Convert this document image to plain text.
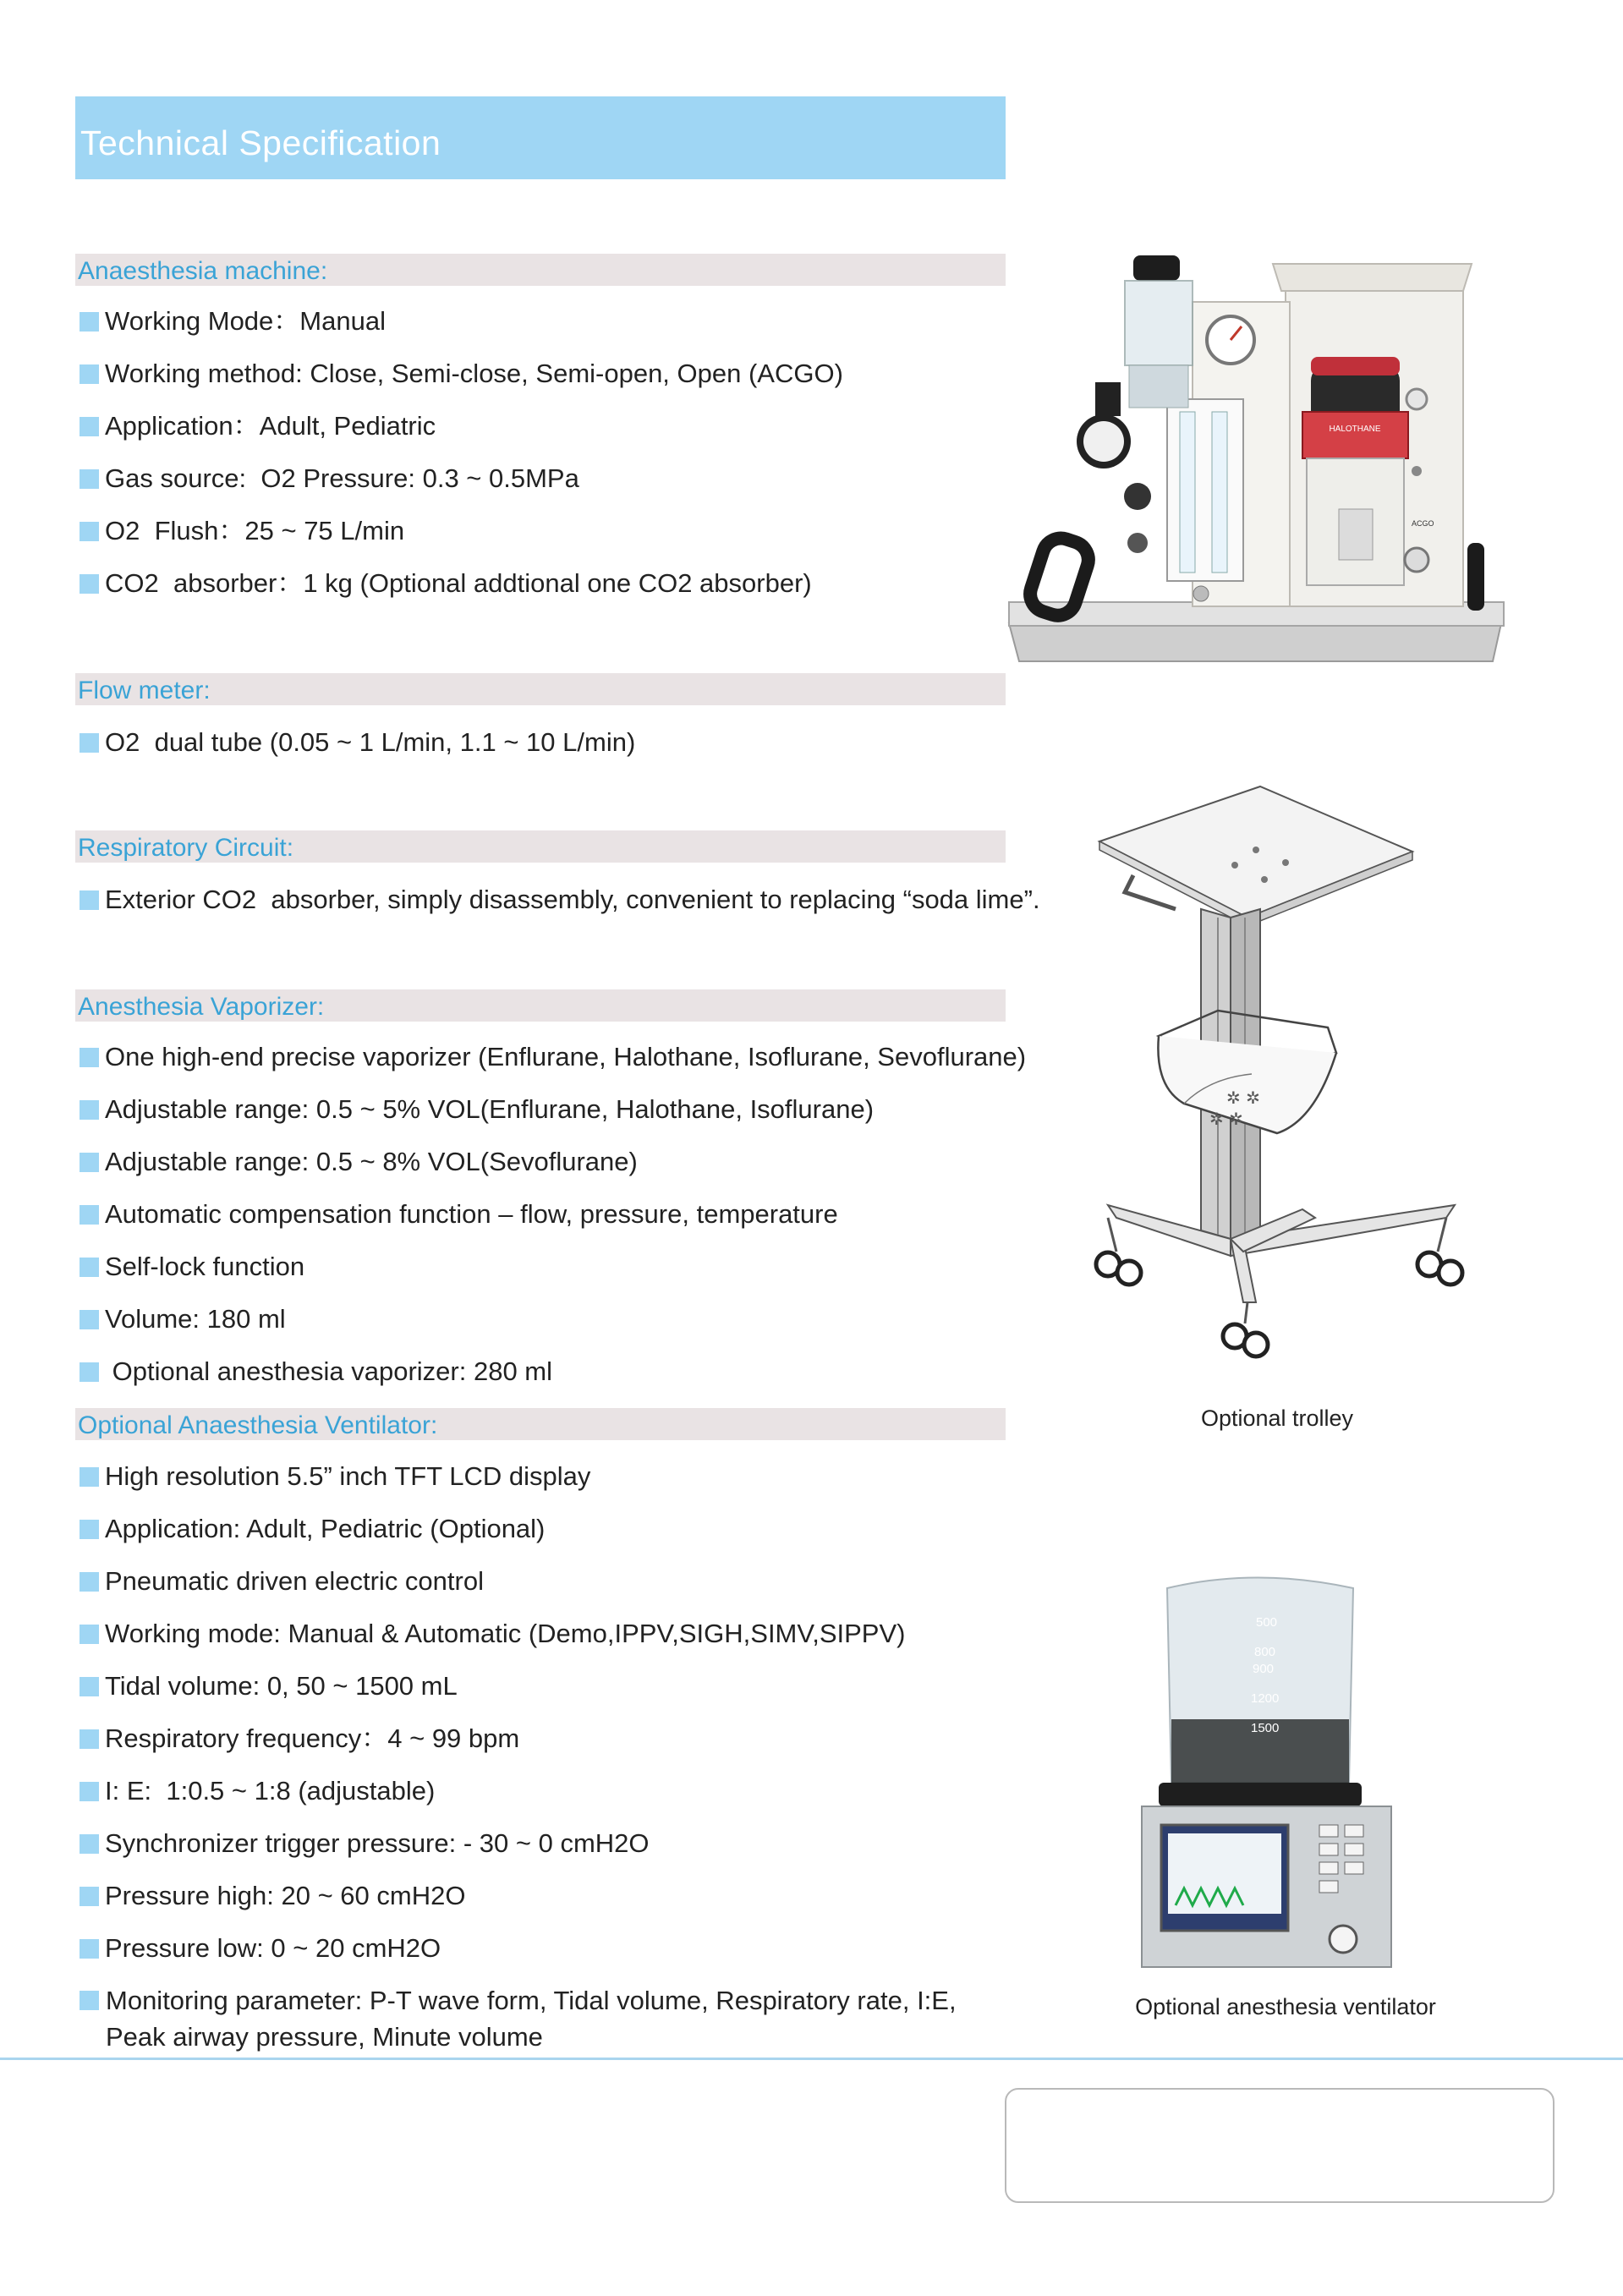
Technical Specification
Anaesthesia machine:
Working Mode：Manual
Working method: Close, Semi-close, Semi-open, Open (ACGO)
Application：Adult, Pediatric
Gas source:  O2 Pressure: 0.3 ~ 0.5MPa
O2  Flush：25 ~ 75 L/min
CO2  absorber：1 kg (Optional addtional one CO2 absorber)
Flow meter:
O2  dual tube (0.05 ~ 1 L/min, 1.1 ~ 10 L/min)
Respiratory Circuit:
Exterior CO2  absorber, simply disassembly, convenient to replacing “soda lime”.
Anesthesia Vaporizer:
One high-end precise vaporizer (Enflurane, Halothane, Isoflurane, Sevoflurane)
Adjustable range: 0.5 ~ 5% VOL(Enflurane, Halothane, Isoflurane)
Adjustable range: 0.5 ~ 8% VOL(Sevoflurane)
Automatic compensation function – flow, pressure, temperature
Self-lock function
Volume: 180 ml
Optional anesthesia vaporizer: 280 ml
Optional Anaesthesia Ventilator:
High resolution 5.5” inch TFT LCD display
Application: Adult, Pediatric (Optional)
Pneumatic driven electric control
Working mode: Manual & Automatic (Demo,IPPV,SIGH,SIMV,SIPPV)
Tidal volume: 0, 50 ~ 1500 mL
Respiratory frequency：4 ~ 99 bpm
I: E:  1:0.5 ~ 1:8 (adjustable)
Synchronizer trigger pressure: - 30 ~ 0 cmH2O
Pressure high: 20 ~ 60 cmH2O
Pressure low: 0 ~ 20 cmH2O
Monitoring parameter: P-T wave form, Tidal volume, Respiratory rate, I:E,
Peak airway pressure, Minute volume
HALOTHANE
ACGO
✲ ✲
✲ ✲
Optional trolley
500
800
900
1200
1500
Optional anesthesia ventilator
